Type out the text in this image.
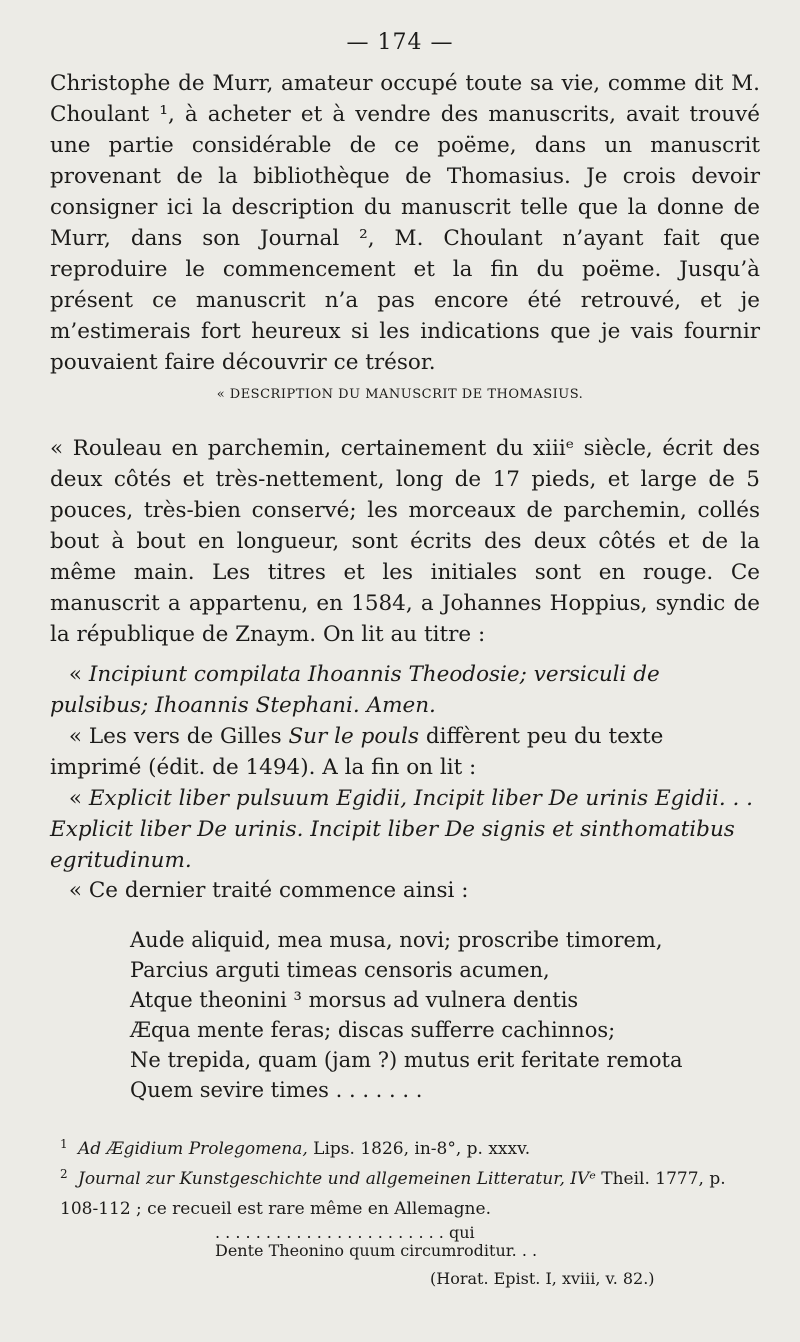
— 174 —
Christophe de Murr, amateur occupé toute sa vie, comme dit M. Choulant ¹, à acheter et à vendre des manuscrits, avait trouvé une partie considérable de ce poëme, dans un manuscrit provenant de la bibliothèque de Thomasius. Je crois devoir consigner ici la description du manuscrit telle que la donne de Murr, dans son Journal ², M. Choulant n’ayant fait que reproduire le commencement et la fin du poëme. Jusqu’à présent ce manuscrit n’a pas encore été retrouvé, et je m’estimerais fort heureux si les indications que je vais fournir pouvaient faire découvrir ce trésor.
« DESCRIPTION DU MANUSCRIT DE THOMASIUS.
« Rouleau en parchemin, certainement du xiiiᵉ siècle, écrit des deux côtés et très-nettement, long de 17 pieds, et large de 5 pouces, très-bien conservé; les morceaux de parchemin, collés bout à bout en longueur, sont écrits des deux côtés et de la même main. Les titres et les initiales sont en rouge. Ce manuscrit a appartenu, en 1584, a Johannes Hoppius, syndic de la république de Znaym. On lit au titre :
« Incipiunt compilata Ihoannis Theodosie; versiculi de pulsibus; Ihoannis Stephani. Amen.
« Les vers de Gilles Sur le pouls diffèrent peu du texte imprimé (édit. de 1494). A la fin on lit :
« Explicit liber pulsuum Egidii, Incipit liber De urinis Egidii. . . Explicit liber De urinis. Incipit liber De signis et sinthomatibus egritudinum.
« Ce dernier traité commence ainsi :
Aude aliquid, mea musa, novi; proscribe timorem,
Parcius arguti timeas censoris acumen,
Atque theonini ³ morsus ad vulnera dentis
Æqua mente feras; discas sufferre cachinnos;
Ne trepida, quam (jam ?) mutus erit feritate remota
Quem sevire times . . . . . . .
1 Ad Ægidium Prolegomena, Lips. 1826, in-8°, p. xxxv.
2 Journal zur Kunstgeschichte und allgemeinen Litteratur, IVᵉ Theil. 1777, p. 108-112 ; ce recueil est rare même en Allemagne.
. . . . . . . . . . . . . . . . . . . . . . . qui
Dente Theonino quum circumroditur. . .
(Horat. Epist. I, xviii, v. 82.)
